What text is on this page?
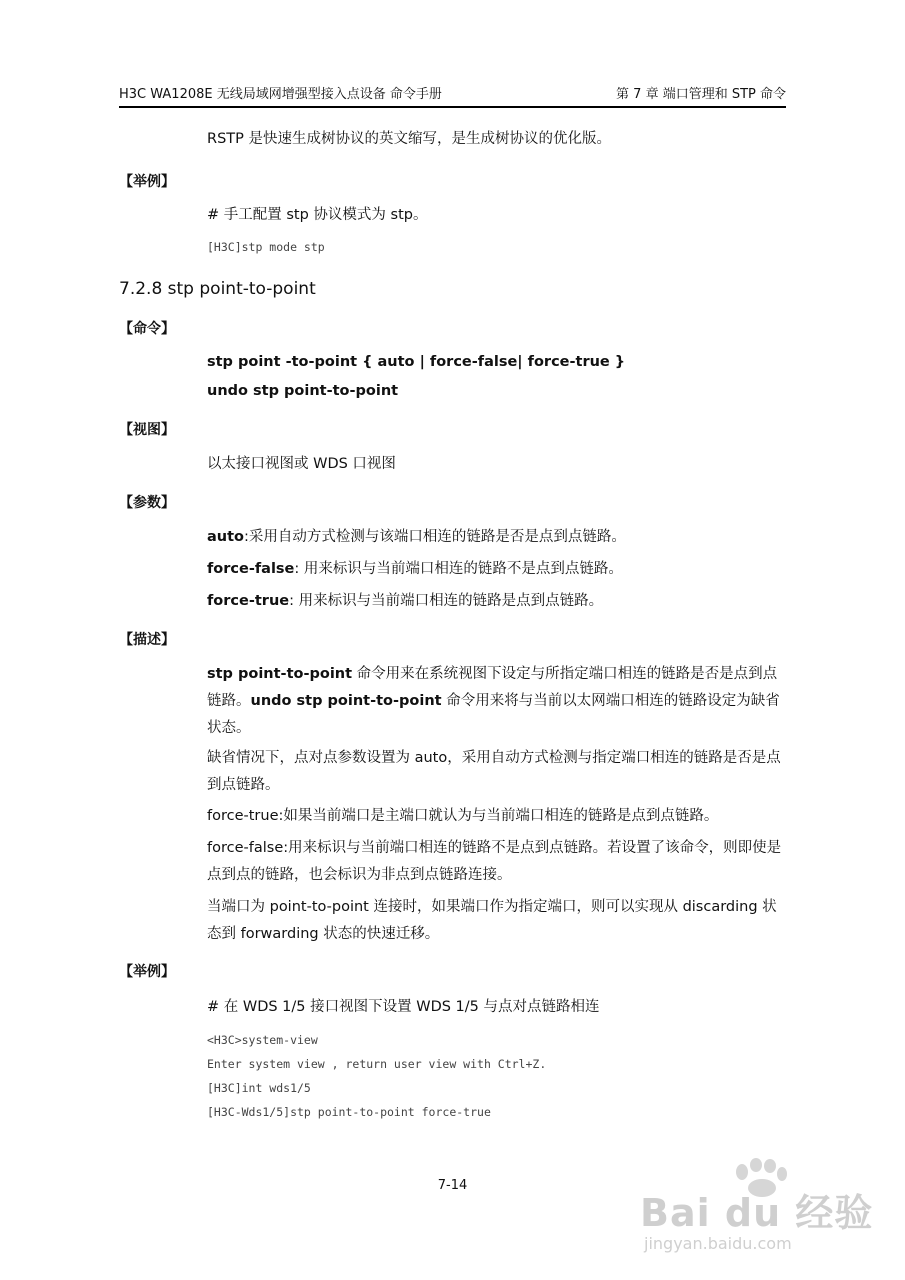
H3C WA1208E 无线局域网增强型接入点设备 命令手册	第 7 章 端口管理和 STP 命令
RSTP 是快速生成树协议的英文缩写，是生成树协议的优化版。
【举例】
# 手工配置 stp 协议模式为 stp。
[H3C]stp mode stp
7.2.8 stp point-to-point
【命令】
stp point -to-point { auto | force-false| force-true }
undo stp point-to-point
【视图】
以太接口视图或 WDS 口视图
【参数】
auto:采用自动方式检测与该端口相连的链路是否是点到点链路。
force-false: 用来标识与当前端口相连的链路不是点到点链路。
force-true: 用来标识与当前端口相连的链路是点到点链路。
【描述】
stp point-to-point 命令用来在系统视图下设定与所指定端口相连的链路是否是点到点链路。undo stp point-to-point 命令用来将与当前以太网端口相连的链路设定为缺省状态。
缺省情况下，点对点参数设置为 auto，采用自动方式检测与指定端口相连的链路是否是点到点链路。
force-true:如果当前端口是主端口就认为与当前端口相连的链路是点到点链路。
force-false:用来标识与当前端口相连的链路不是点到点链路。若设置了该命令，则即使是点到点的链路，也会标识为非点到点链路连接。
当端口为 point-to-point 连接时，如果端口作为指定端口，则可以实现从 discarding 状态到 forwarding 状态的快速迁移。
【举例】
# 在 WDS 1/5 接口视图下设置 WDS 1/5 与点对点链路相连
<H3C>system-view
Enter system view , return user view with Ctrl+Z.
[H3C]int wds1/5
[H3C-Wds1/5]stp point-to-point force-true
7-14
Bai du 经验
jingyan.baidu.com
